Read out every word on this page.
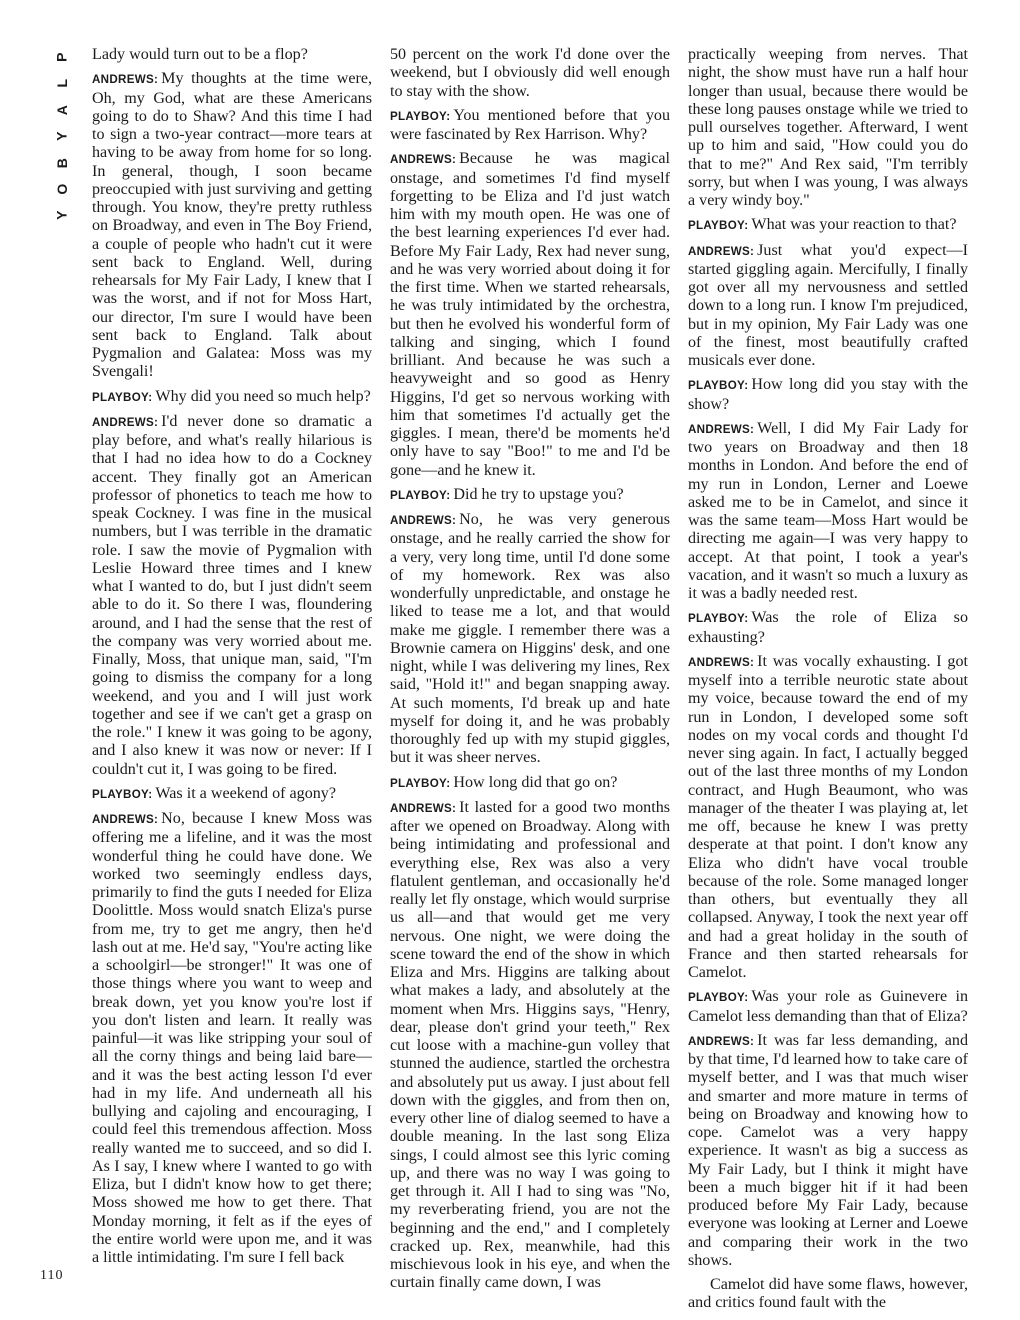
P
L
A
Y
B
O
Y
110

Lady would turn out to be a flop?

ANDREWS: My thoughts at the time were, Oh, my God, what are these Americans going to do to Shaw? And this time I had to sign a two-year contract—more tears at having to be away from home for so long. In general, though, I soon became preoccupied with just surviving and getting through. You know, they're pretty ruthless on Broadway, and even in The Boy Friend, a couple of people who hadn't cut it were sent back to England. Well, during rehearsals for My Fair Lady, I knew that I was the worst, and if not for Moss Hart, our director, I'm sure I would have been sent back to England. Talk about Pygmalion and Galatea: Moss was my Svengali!

PLAYBOY: Why did you need so much help?

ANDREWS: I'd never done so dramatic a play before, and what's really hilarious is that I had no idea how to do a Cockney accent. They finally got an American professor of phonetics to teach me how to speak Cockney. I was fine in the musical numbers, but I was terrible in the dramatic role. I saw the movie of Pygmalion with Leslie Howard three times and I knew what I wanted to do, but I just didn't seem able to do it. So there I was, floundering around, and I had the sense that the rest of the company was very worried about me. Finally, Moss, that unique man, said, "I'm going to dismiss the company for a long weekend, and you and I will just work together and see if we can't get a grasp on the role." I knew it was going to be agony, and I also knew it was now or never: If I couldn't cut it, I was going to be fired.

PLAYBOY: Was it a weekend of agony?

ANDREWS: No, because I knew Moss was offering me a lifeline, and it was the most wonderful thing he could have done. We worked two seemingly endless days, primarily to find the guts I needed for Eliza Doolittle. Moss would snatch Eliza's purse from me, try to get me angry, then he'd lash out at me. He'd say, "You're acting like a schoolgirl—be stronger!" It was one of those things where you want to weep and break down, yet you know you're lost if you don't listen and learn. It really was painful—it was like stripping your soul of all the corny things and being laid bare—and it was the best acting lesson I'd ever had in my life. And underneath all his bullying and cajoling and encouraging, I could feel this tremendous affection. Moss really wanted me to succeed, and so did I. As I say, I knew where I wanted to go with Eliza, but I didn't know how to get there; Moss showed me how to get there. That Monday morning, it felt as if the eyes of the entire world were upon me, and it was a little intimidating. I'm sure I fell back

50 percent on the work I'd done over the weekend, but I obviously did well enough to stay with the show.

PLAYBOY: You mentioned before that you were fascinated by Rex Harrison. Why?

ANDREWS: Because he was magical onstage, and sometimes I'd find myself forgetting to be Eliza and I'd just watch him with my mouth open. He was one of the best learning experiences I'd ever had. Before My Fair Lady, Rex had never sung, and he was very worried about doing it for the first time. When we started rehearsals, he was truly intimidated by the orchestra, but then he evolved his wonderful form of talking and singing, which I found brilliant. And because he was such a heavyweight and so good as Henry Higgins, I'd get so nervous working with him that sometimes I'd actually get the giggles. I mean, there'd be moments he'd only have to say "Boo!" to me and I'd be gone—and he knew it.

PLAYBOY: Did he try to upstage you?

ANDREWS: No, he was very generous onstage, and he really carried the show for a very, very long time, until I'd done some of my homework. Rex was also wonderfully unpredictable, and onstage he liked to tease me a lot, and that would make me giggle. I remember there was a Brownie camera on Higgins' desk, and one night, while I was delivering my lines, Rex said, "Hold it!" and began snapping away. At such moments, I'd break up and hate myself for doing it, and he was probably thoroughly fed up with my stupid giggles, but it was sheer nerves.

PLAYBOY: How long did that go on?

ANDREWS: It lasted for a good two months after we opened on Broadway. Along with being intimidating and professional and everything else, Rex was also a very flatulent gentleman, and occasionally he'd really let fly onstage, which would surprise us all—and that would get me very nervous. One night, we were doing the scene toward the end of the show in which Eliza and Mrs. Higgins are talking about what makes a lady, and absolutely at the moment when Mrs. Higgins says, "Henry, dear, please don't grind your teeth," Rex cut loose with a machine-gun volley that stunned the audience, startled the orchestra and absolutely put us away. I just about fell down with the giggles, and from then on, every other line of dialog seemed to have a double meaning. In the last song Eliza sings, I could almost see this lyric coming up, and there was no way I was going to get through it. All I had to sing was "No, my reverberating friend, you are not the beginning and the end," and I completely cracked up. Rex, meanwhile, had this mischievous look in his eye, and when the curtain finally came down, I was

practically weeping from nerves. That night, the show must have run a half hour longer than usual, because there would be these long pauses onstage while we tried to pull ourselves together. Afterward, I went up to him and said, "How could you do that to me?" And Rex said, "I'm terribly sorry, but when I was young, I was always a very windy boy."

PLAYBOY: What was your reaction to that?

ANDREWS: Just what you'd expect—I started giggling again. Mercifully, I finally got over all my nervousness and settled down to a long run. I know I'm prejudiced, but in my opinion, My Fair Lady was one of the finest, most beautifully crafted musicals ever done.

PLAYBOY: How long did you stay with the show?

ANDREWS: Well, I did My Fair Lady for two years on Broadway and then 18 months in London. And before the end of my run in London, Lerner and Loewe asked me to be in Camelot, and since it was the same team—Moss Hart would be directing me again—I was very happy to accept. At that point, I took a year's vacation, and it wasn't so much a luxury as it was a badly needed rest.

PLAYBOY: Was the role of Eliza so exhausting?

ANDREWS: It was vocally exhausting. I got myself into a terrible neurotic state about my voice, because toward the end of my run in London, I developed some soft nodes on my vocal cords and thought I'd never sing again. In fact, I actually begged out of the last three months of my London contract, and Hugh Beaumont, who was manager of the theater I was playing at, let me off, because he knew I was pretty desperate at that point. I don't know any Eliza who didn't have vocal trouble because of the role. Some managed longer than others, but eventually they all collapsed. Anyway, I took the next year off and had a great holiday in the south of France and then started rehearsals for Camelot.

PLAYBOY: Was your role as Guinevere in Camelot less demanding than that of Eliza?

ANDREWS: It was far less demanding, and by that time, I'd learned how to take care of myself better, and I was that much wiser and smarter and more mature in terms of being on Broadway and knowing how to cope. Camelot was a very happy experience. It wasn't as big a success as My Fair Lady, but I think it might have been a much bigger hit if it had been produced before My Fair Lady, because everyone was looking at Lerner and Loewe and comparing their work in the two shows.

Camelot did have some flaws, however, and critics found fault with the
